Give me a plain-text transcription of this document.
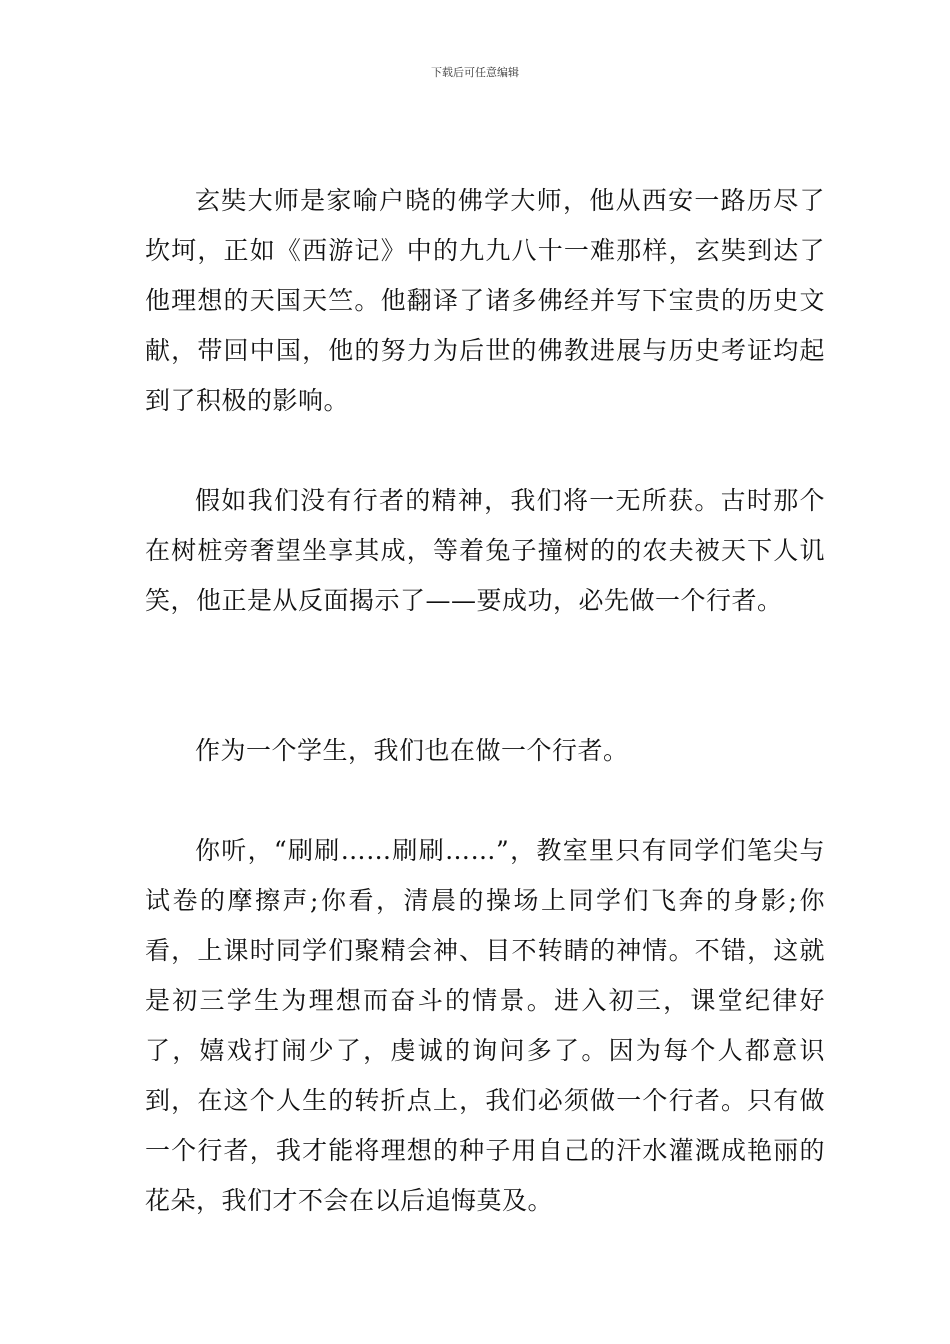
下载后可任意编辑

玄奘大师是家喻户晓的佛学大师，他从西安一路历尽了坎坷，正如《西游记》中的九九八十一难那样，玄奘到达了他理想的天国天竺。他翻译了诸多佛经并写下宝贵的历史文献，带回中国，他的努力为后世的佛教进展与历史考证均起到了积极的影响。

假如我们没有行者的精神，我们将一无所获。古时那个在树桩旁奢望坐享其成，等着兔子撞树的的农夫被天下人讥笑，他正是从反面揭示了——要成功，必先做一个行者。

作为一个学生，我们也在做一个行者。

你听，“刷刷……刷刷……”，教室里只有同学们笔尖与试卷的摩擦声;你看，清晨的操场上同学们飞奔的身影;你看，上课时同学们聚精会神、目不转睛的神情。不错，这就是初三学生为理想而奋斗的情景。进入初三，课堂纪律好了，嬉戏打闹少了，虔诚的询问多了。因为每个人都意识到，在这个人生的转折点上，我们必须做一个行者。只有做一个行者，我才能将理想的种子用自己的汗水灌溉成艳丽的花朵，我们才不会在以后追悔莫及。
